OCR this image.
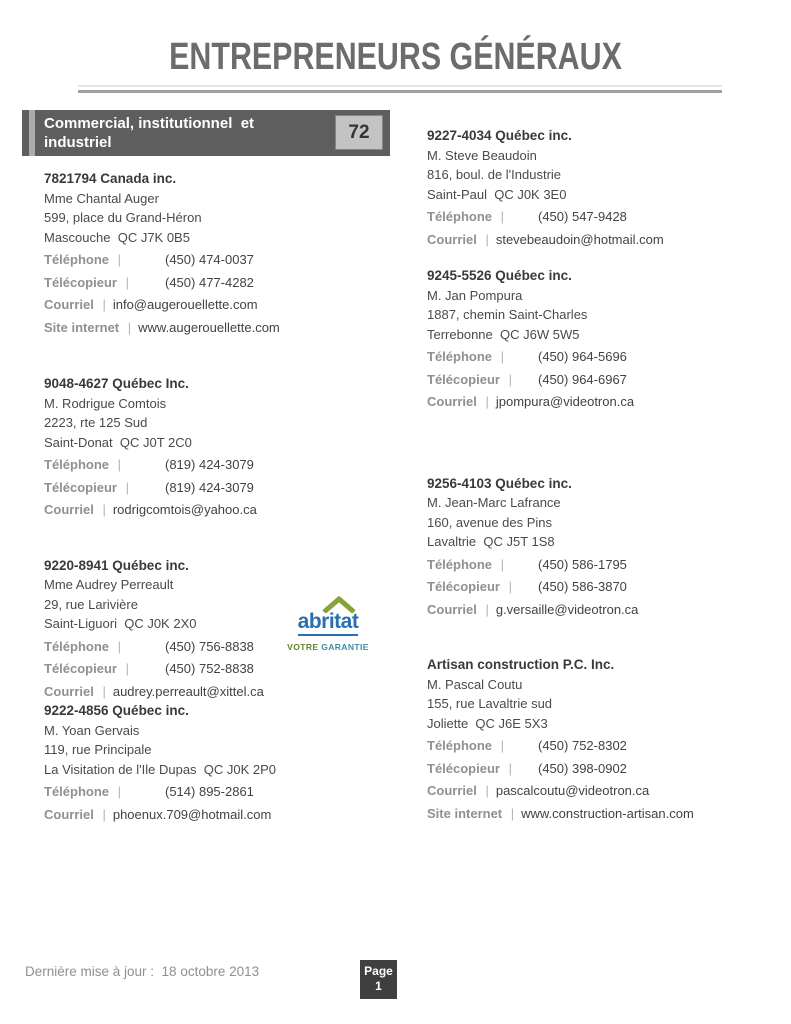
ENTREPRENEURS GÉNÉRAUX
Commercial, institutionnel  et
industriel	72
7821794 Canada inc.
Mme Chantal Auger
599, place du Grand-Héron
Mascouche  QC J7K 0B5
Téléphone |	(450) 474-0037
Télécopieur |	(450) 477-4282
Courriel | info@augerouellette.com
Site internet | www.augerouellette.com
9048-4627 Québec Inc.
M. Rodrigue Comtois
2223, rte 125 Sud
Saint-Donat  QC J0T 2C0
Téléphone |	(819) 424-3079
Télécopieur |	(819) 424-3079
Courriel | rodrigcomtois@yahoo.ca
9220-8941 Québec inc.
Mme Audrey Perreault
29, rue Larivière
Saint-Liguori  QC J0K 2X0
Téléphone |	(450) 756-8838
Télécopieur |	(450) 752-8838
Courriel | audrey.perreault@xittel.ca
abritat
VOTRE GARANTIE
9222-4856 Québec inc.
M. Yoan Gervais
119, rue Principale
La Visitation de l'Ile Dupas  QC J0K 2P0
Téléphone |	(514) 895-2861
Courriel | phoenux.709@hotmail.com
9227-4034 Québec inc.
M. Steve Beaudoin
816, boul. de l'Industrie
Saint-Paul  QC J0K 3E0
Téléphone |	(450) 547-9428
Courriel | stevebeaudoin@hotmail.com
9245-5526 Québec inc.
M. Jan Pompura
1887, chemin Saint-Charles
Terrebonne  QC J6W 5W5
Téléphone |	(450) 964-5696
Télécopieur | (450) 964-6967
Courriel | jpompura@videotron.ca
9256-4103 Québec inc.
M. Jean-Marc Lafrance
160, avenue des Pins
Lavaltrie  QC J5T 1S8
Téléphone |	(450) 586-1795
Télécopieur | (450) 586-3870
Courriel | g.versaille@videotron.ca
Artisan construction P.C. Inc.
M. Pascal Coutu
155, rue Lavaltrie sud
Joliette  QC J6E 5X3
Téléphone |	(450) 752-8302
Télécopieur | (450) 398-0902
Courriel | pascalcoutu@videotron.ca
Site internet | www.construction-artisan.com
Dernière mise à jour :  18 octobre 2013	Page
1
